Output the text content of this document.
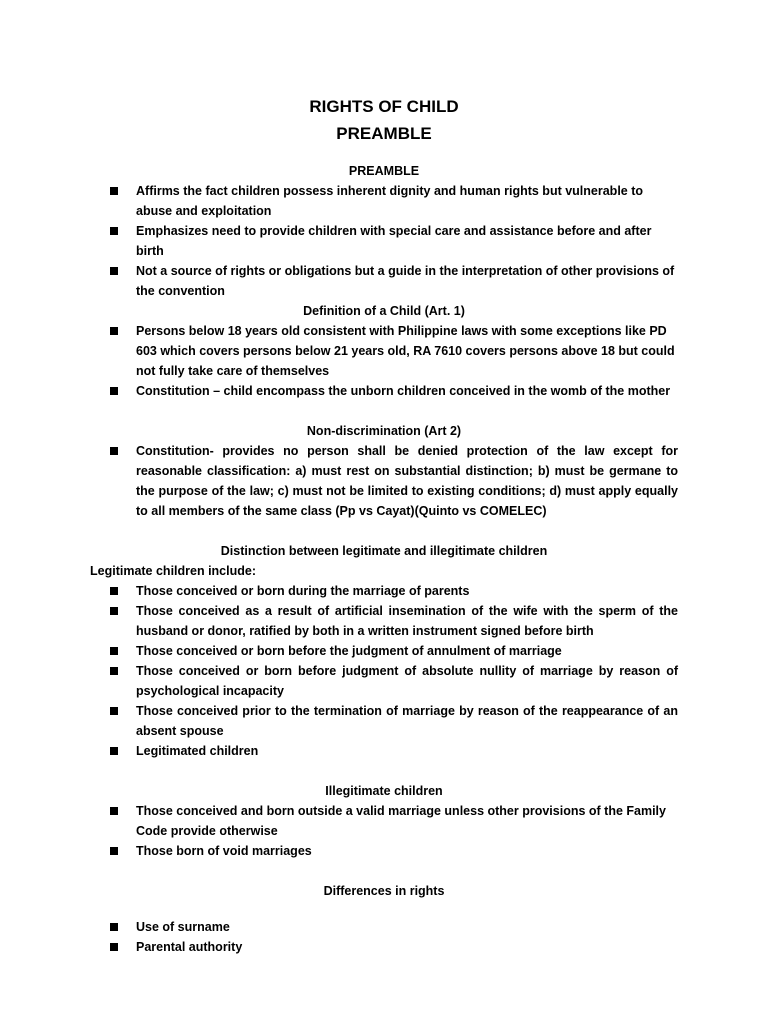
RIGHTS OF CHILD
PREAMBLE
PREAMBLE
Affirms the fact children possess inherent dignity and human rights but vulnerable to abuse and exploitation
Emphasizes need to provide children with special care and assistance before and after birth
Not a source of rights or obligations but a guide in the interpretation of other provisions of the convention
Definition of a Child (Art. 1)
Persons below 18 years old consistent with Philippine laws with some exceptions like PD 603 which covers persons below 21 years old, RA 7610 covers persons above 18 but could not fully take care of themselves
Constitution – child encompass the unborn children conceived in the womb of the mother
Non-discrimination (Art 2)
Constitution- provides no person shall be denied protection of the law except for reasonable classification: a) must rest on substantial distinction; b) must be germane to the purpose of the law; c) must not be limited to existing conditions; d) must apply equally to all members of the same class (Pp vs Cayat)(Quinto vs COMELEC)
Distinction between legitimate and illegitimate children
Legitimate children include:
Those conceived or born during the marriage of parents
Those conceived as a result of artificial insemination of the wife with the sperm of the husband or donor, ratified by both in a written instrument signed before birth
Those conceived or born before the judgment of annulment of marriage
Those conceived or born before judgment of absolute nullity of marriage by reason of psychological incapacity
Those conceived prior to the termination of marriage by reason of the reappearance of an absent spouse
Legitimated children
Illegitimate children
Those conceived and born outside a valid marriage unless other provisions of the Family Code provide otherwise
Those born of void marriages
Differences in rights
Use of surname
Parental authority
